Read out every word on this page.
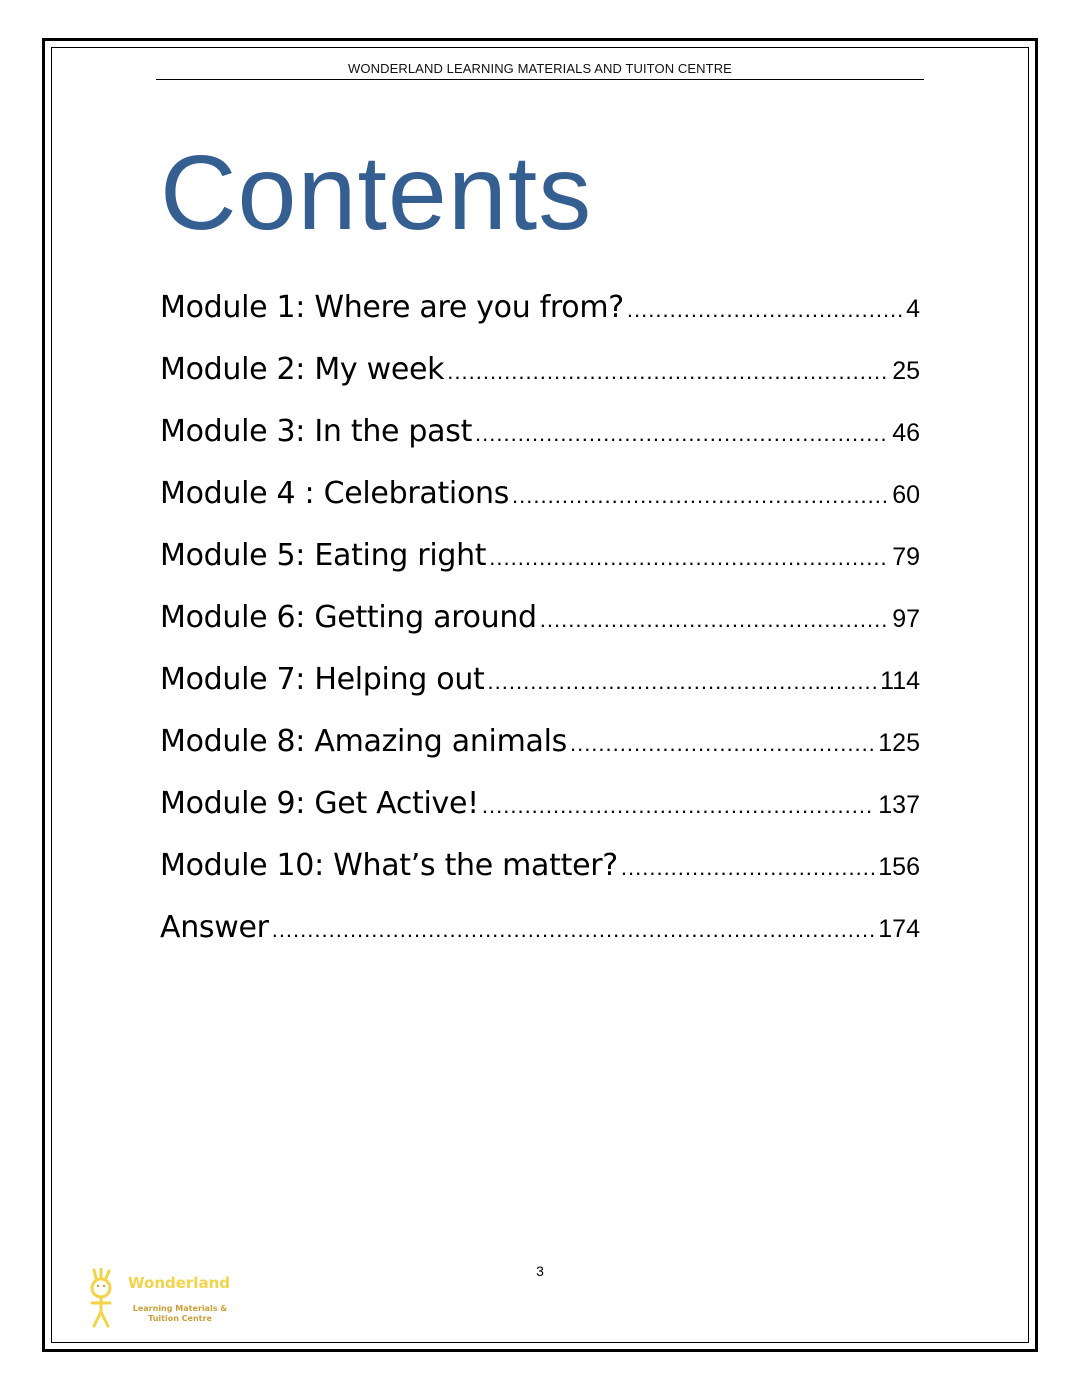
WONDERLAND LEARNING MATERIALS AND TUITON CENTRE
Contents
Module 1: Where are you from? .....	4
Module 2: My week .....	25
Module 3: In the past .....	46
Module 4 : Celebrations .....	60
Module 5: Eating right .....	79
Module 6: Getting around .....	97
Module 7: Helping out .....	114
Module 8: Amazing animals .....	125
Module 9: Get Active! .....	137
Module 10: What’s the matter? .....	156
Answer .....	174
3
Wonderland
Learning Materials &
Tuition Centre
